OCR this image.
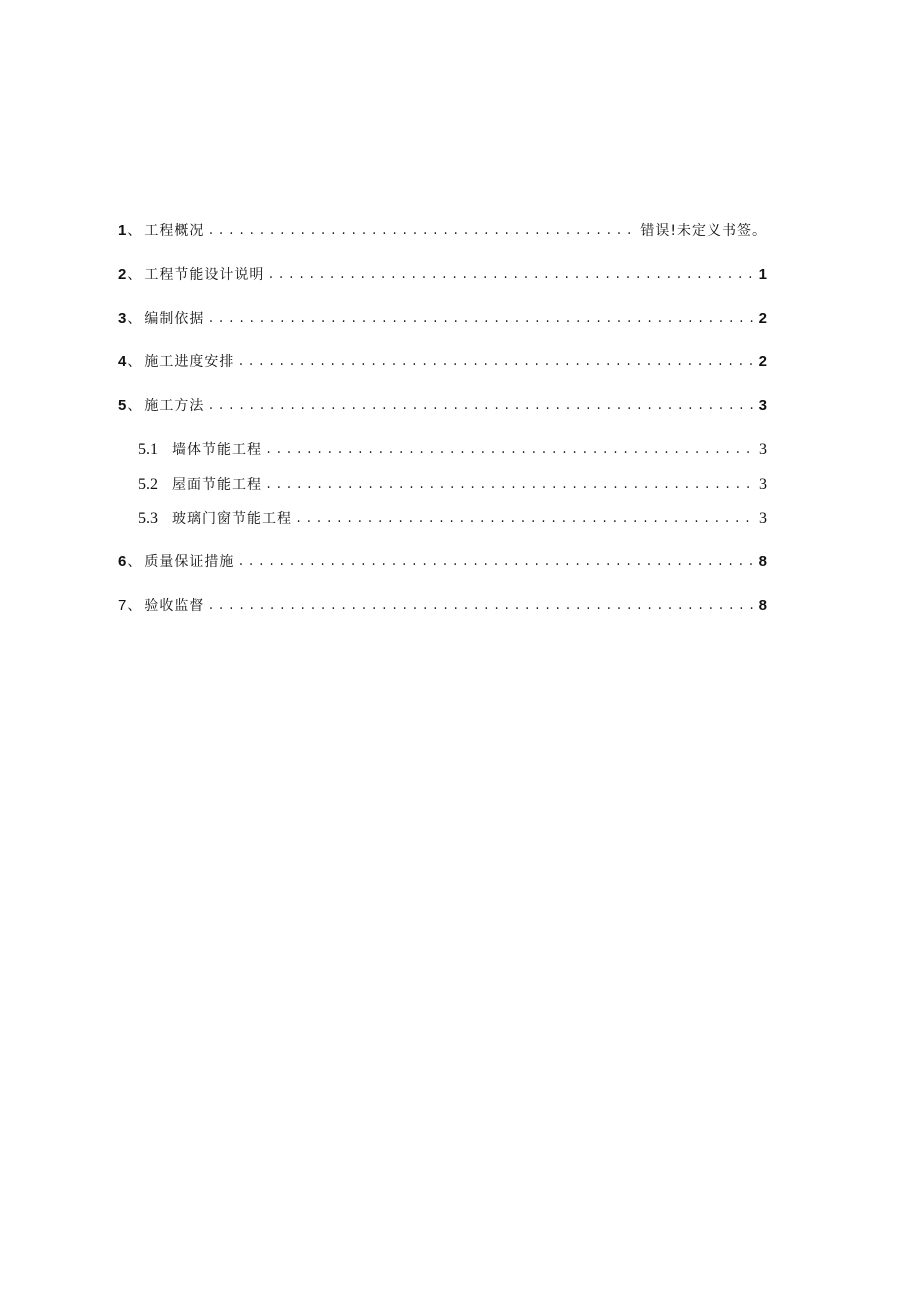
1 、 工程概况 .....	错误!未定义书签。
2 、 工程节能设计说明 .....	1
3 、 编制依据 .....	2
4 、 施工进度安排 .....	2
5 、 施工方法 .....	3
5.1 墙体节能工程 .....	3
5.2 屋面节能工程 .....	3
5.3 玻璃门窗节能工程 .....	3
6 、 质量保证措施 .....	8
7 、 验收监督 .....	8
